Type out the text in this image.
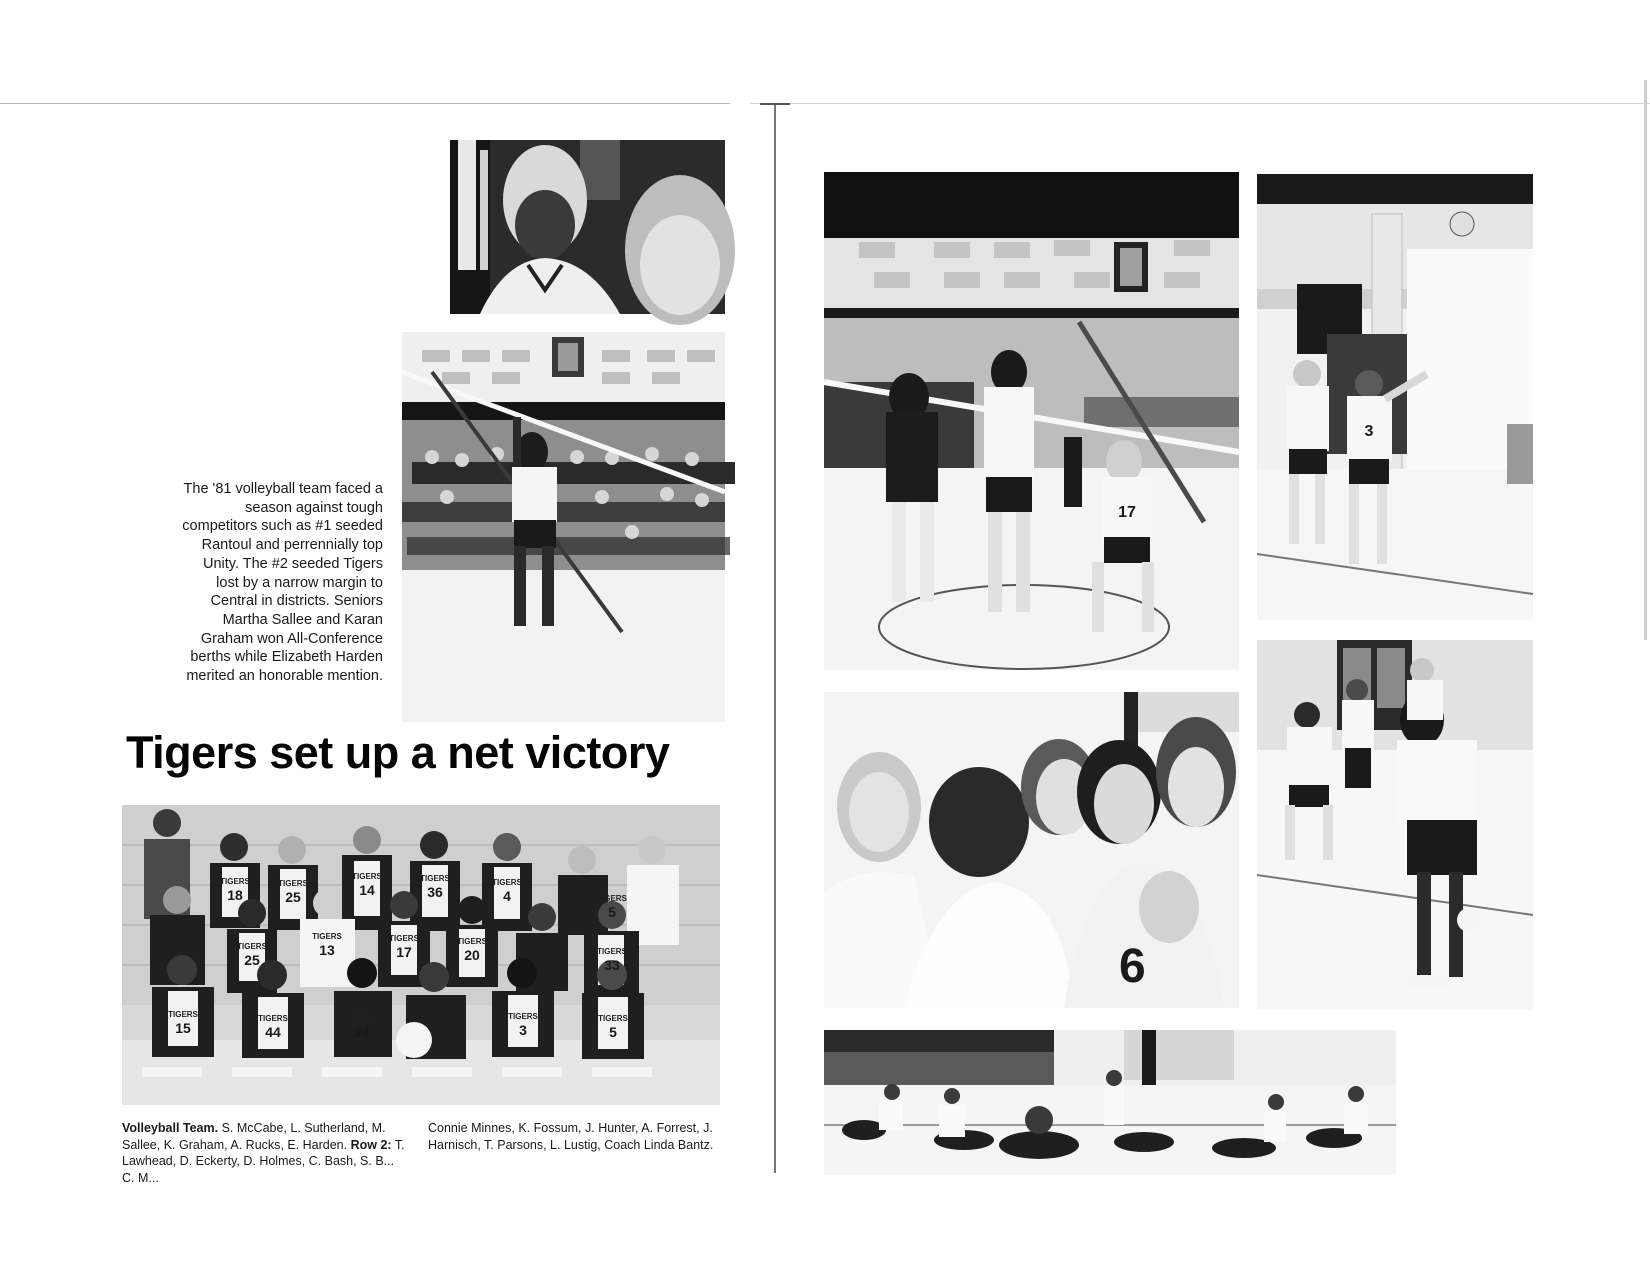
The '81 volleyball team faced a season against tough competitors such as #1 seeded Rantoul and perrennially top Unity. The #2 seeded Tigers lost by a narrow margin to Central in districts. Seniors Martha Sallee and Karan Graham won All-Conference berths while Elizabeth Harden merited an honorable mention.
Tigers set up a net victory
TIGERS
18
TIGERS
25
TIGERS
14
TIGERS
36
TIGERS
4	TIGERS
5
TIGERS
25
TIGERS
13
TIGERS
17
TIGERS
20	TIGERS
33
TIGERS
15
TIGERS
44
TIGERS
24
TIGERS
3
TIGERS
5
Volleyball Team. S. McCabe, L. Sutherland, M. Sallee, K. Graham, A. Rucks, E. Harden. Row 2: T. Lawhead, D. Eckerty, D. Holmes, C. Bash, S. B... C. M...
Connie Minnes, K. Fossum, J. Hunter, A. Forrest, J. Harnisch, T. Parsons, L. Lustig, Coach Linda Bantz.
17
3
6
